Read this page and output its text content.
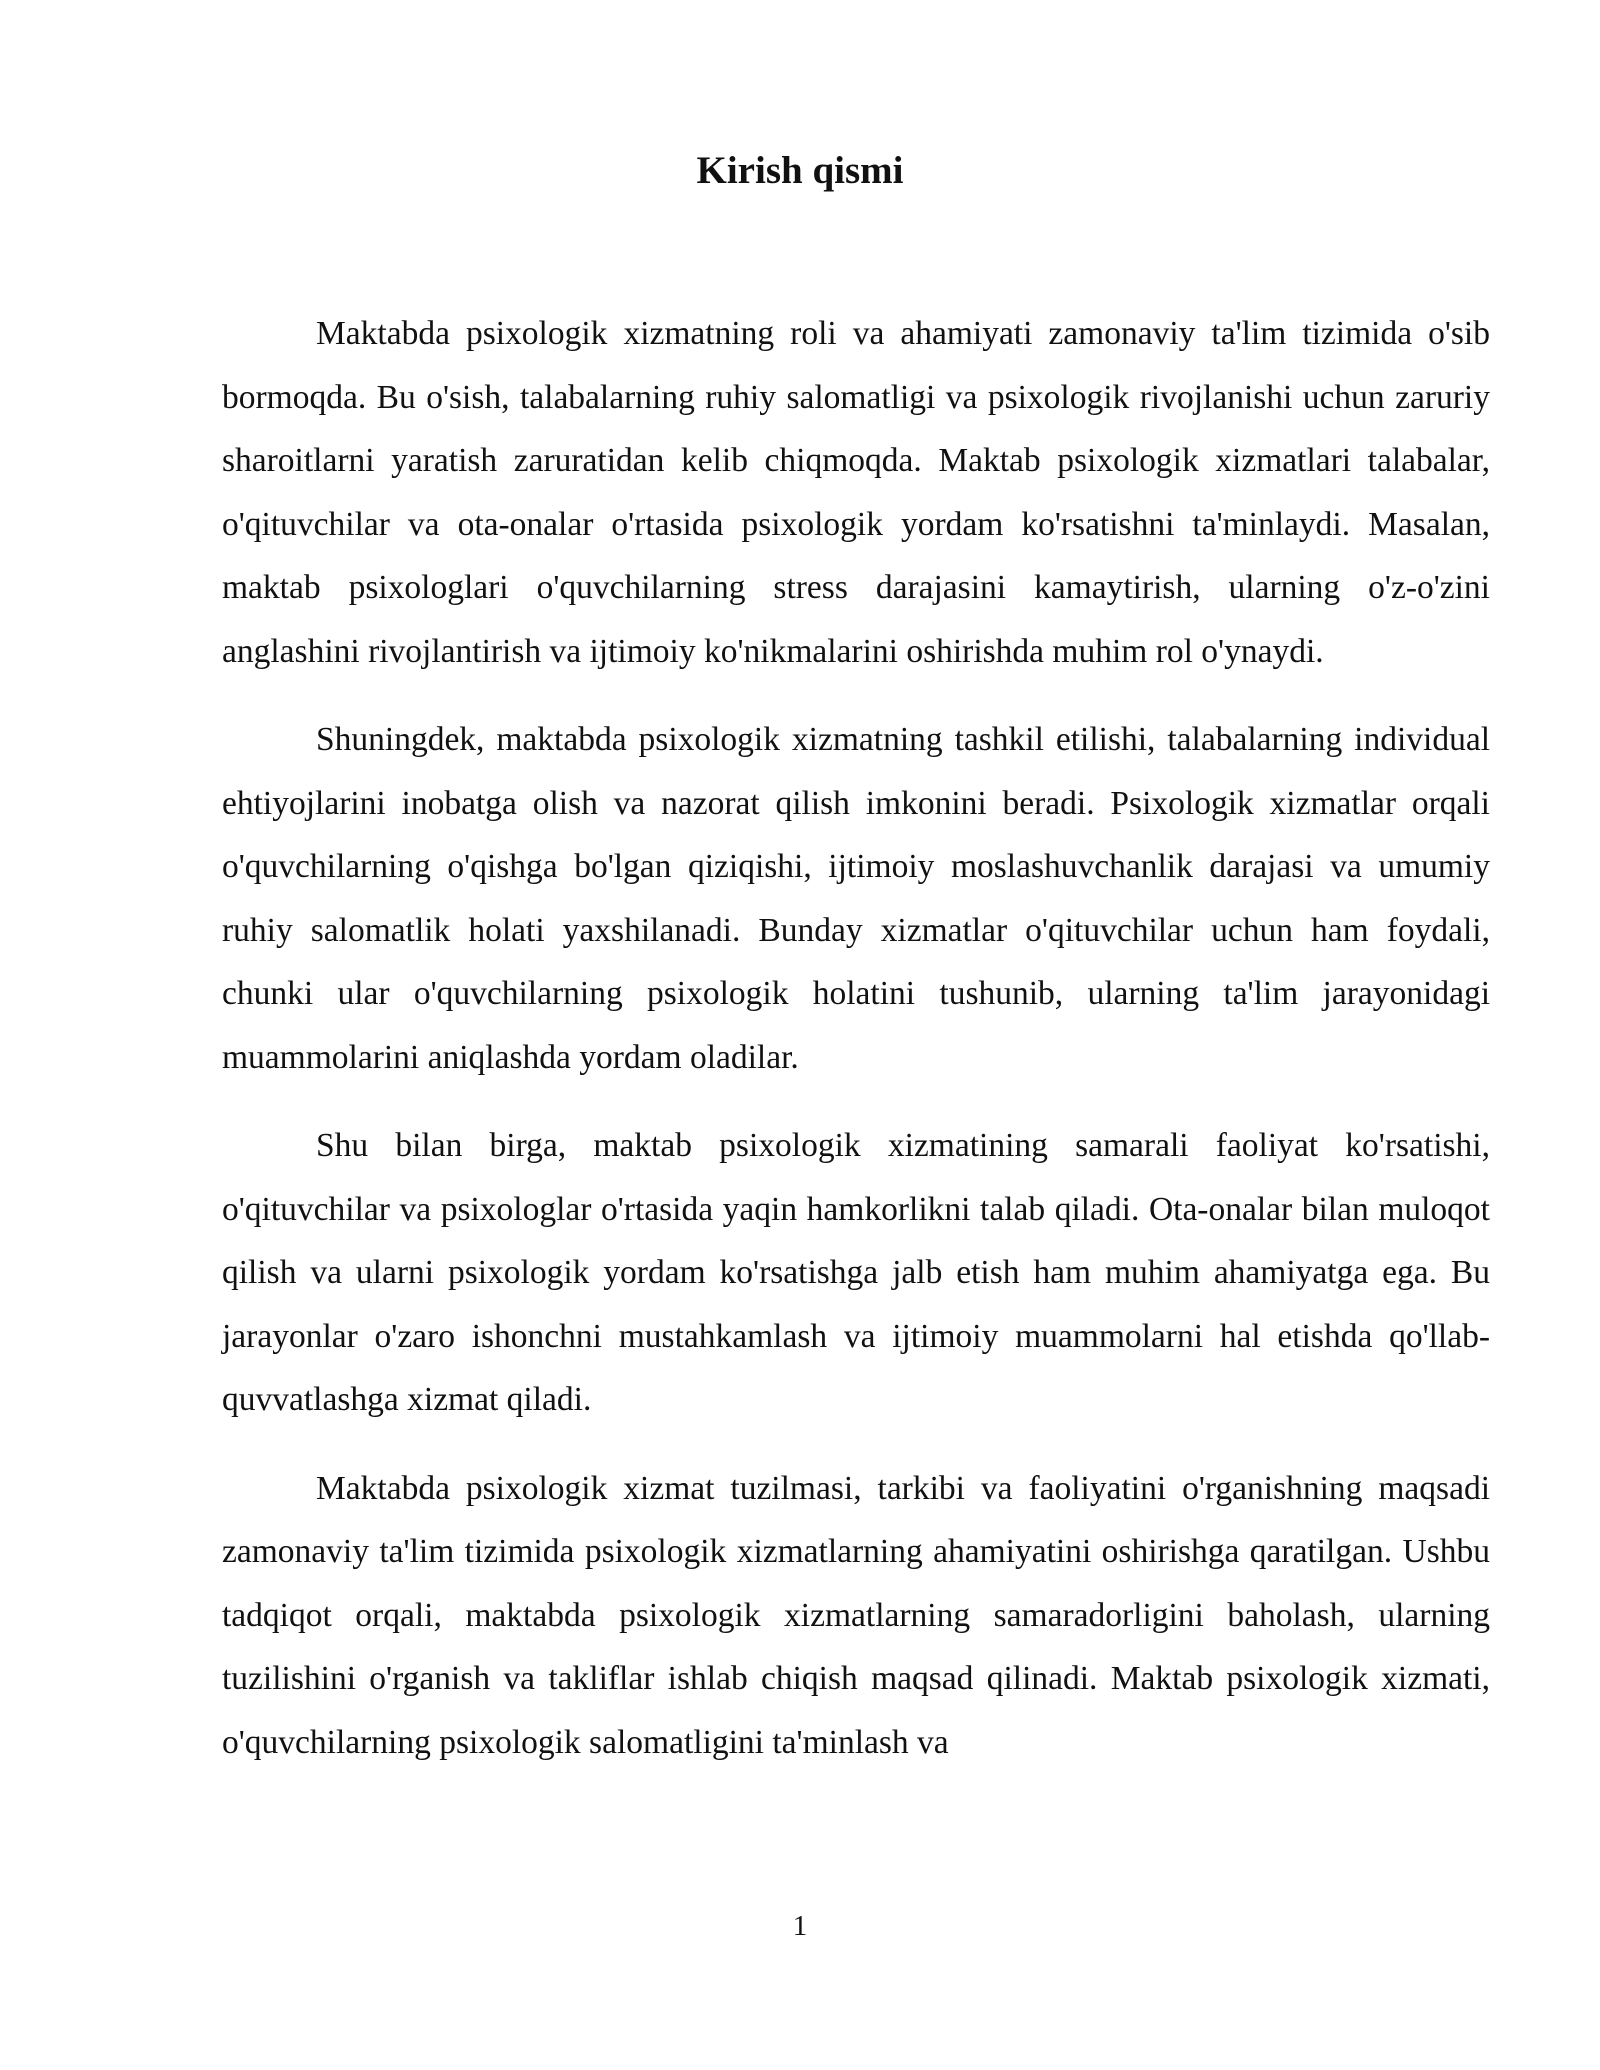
Kirish qismi

Maktabda psixologik xizmatning roli va ahamiyati zamonaviy ta'lim tizimida o'sib bormoqda. Bu o'sish, talabalarning ruhiy salomatligi va psixologik rivojlanishi uchun zaruriy sharoitlarni yaratish zaruratidan kelib chiqmoqda. Maktab psixologik xizmatlari talabalar, o'qituvchilar va ota-onalar o'rtasida psixologik yordam ko'rsatishni ta'minlaydi. Masalan, maktab psixologlari o'quvchilarning stress darajasini kamaytirish, ularning o'z-o'zini anglashini rivojlantirish va ijtimoiy ko'nikmalarini oshirishda muhim rol o'ynaydi.

Shuningdek, maktabda psixologik xizmatning tashkil etilishi, talabalarning individual ehtiyojlarini inobatga olish va nazorat qilish imkonini beradi. Psixologik xizmatlar orqali o'quvchilarning o'qishga bo'lgan qiziqishi, ijtimoiy moslashuvchanlik darajasi va umumiy ruhiy salomatlik holati yaxshilanadi. Bunday xizmatlar o'qituvchilar uchun ham foydali, chunki ular o'quvchilarning psixologik holatini tushunib, ularning ta'lim jarayonidagi muammolarini aniqlashda yordam oladilar.

Shu bilan birga, maktab psixologik xizmatining samarali faoliyat ko'rsatishi, o'qituvchilar va psixologlar o'rtasida yaqin hamkorlikni talab qiladi. Ota-onalar bilan muloqot qilish va ularni psixologik yordam ko'rsatishga jalb etish ham muhim ahamiyatga ega. Bu jarayonlar o'zaro ishonchni mustahkamlash va ijtimoiy muammolarni hal etishda qo'llab-quvvatlashga xizmat qiladi.

Maktabda psixologik xizmat tuzilmasi, tarkibi va faoliyatini o'rganishning maqsadi zamonaviy ta'lim tizimida psixologik xizmatlarning ahamiyatini oshirishga qaratilgan. Ushbu tadqiqot orqali, maktabda psixologik xizmatlarning samaradorligini baholash, ularning tuzilishini o'rganish va takliflar ishlab chiqish maqsad qilinadi. Maktab psixologik xizmati, o'quvchilarning psixologik salomatligini ta'minlash va

1
